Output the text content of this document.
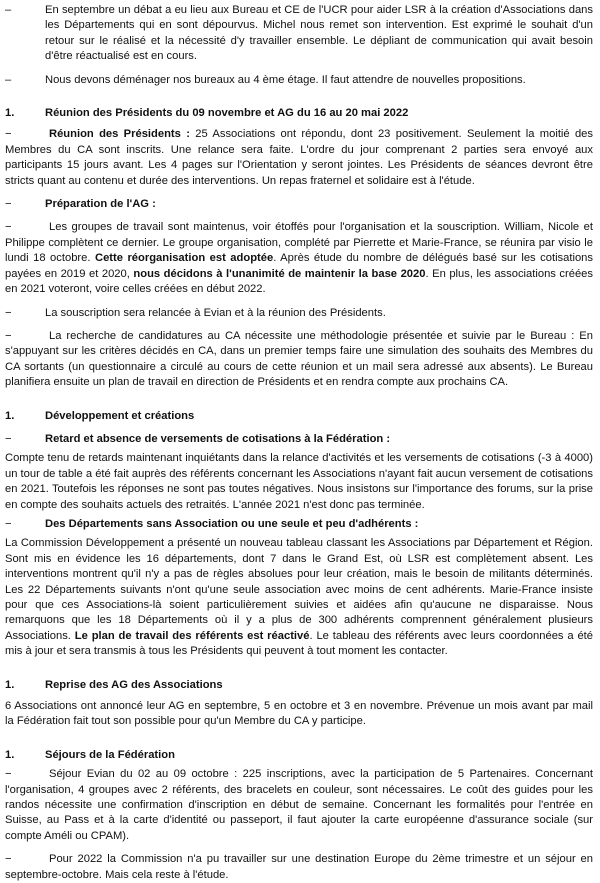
–	En septembre un débat a eu lieu aux Bureau et CE de l'UCR pour aider LSR à la création d'Associations dans les Départements qui en sont dépourvus. Michel nous remet son intervention. Est exprimé le souhait d'un retour sur le réalisé et la nécessité d'y travailler ensemble. Le dépliant de communication qui avait besoin d'être réactualisé est en cours.
–	Nous devons déménager nos bureaux au 4 ème étage. Il faut attendre de nouvelles propositions.
1.	Réunion des Présidents du 09 novembre et AG du 16 au 20 mai 2022
−	Réunion des Présidents : 25 Associations ont répondu, dont 23 positivement. Seulement la moitié des Membres du CA sont inscrits. Une relance sera faite. L'ordre du jour comprenant 2 parties sera envoyé aux participants 15 jours avant. Les 4 pages sur l'Orientation y seront jointes. Les Présidents de séances devront être stricts quant au contenu et durée des interventions. Un repas fraternel et solidaire est à l'étude.
−	Préparation de l'AG :
−	Les groupes de travail sont maintenus, voir étoffés pour l'organisation et la souscription. William, Nicole et Philippe complètent ce dernier. Le groupe organisation, complété par Pierrette et Marie-France, se réunira par visio le lundi 18 octobre. Cette réorganisation est adoptée. Après étude du nombre de délégués basé sur les cotisations payées en 2019 et 2020, nous décidons à l'unanimité de maintenir la base 2020. En plus, les associations créées en 2021 voteront, voire celles créées en début 2022.
−	La souscription sera relancée à Evian et à la réunion des Présidents.
−	La recherche de candidatures au CA nécessite une méthodologie présentée et suivie par le Bureau : En s'appuyant sur les critères décidés en CA, dans un premier temps faire une simulation des souhaits des Membres du CA sortants (un questionnaire a circulé au cours de cette réunion et un mail sera adressé aux absents). Le Bureau planifiera ensuite un plan de travail en direction de Présidents et en rendra compte aux prochains CA.
1.	Développement et créations
−	Retard et absence de versements de cotisations à la Fédération :
Compte tenu de retards maintenant inquiétants dans la relance d'activités et les versements de cotisations (-3 à 4000) un tour de table a été fait auprès des référents concernant les Associations n'ayant fait aucun versement de cotisations en 2021. Toutefois les réponses ne sont pas toutes négatives. Nous insistons sur l'importance des forums, sur la prise en compte des souhaits actuels des retraités. L'année 2021 n'est donc pas terminée.
−	Des Départements sans Association ou une seule et peu d'adhérents :
La Commission Développement a présenté un nouveau tableau classant les Associations par Département et Région. Sont mis en évidence les 16 départements, dont 7 dans le Grand Est, où LSR est complètement absent. Les interventions montrent qu'il n'y a pas de règles absolues pour leur création, mais le besoin de militants déterminés. Les 22 Départements suivants n'ont qu'une seule association avec moins de cent adhérents. Marie-France insiste pour que ces Associations-là soient particulièrement suivies et aidées afin qu'aucune ne disparaisse. Nous remarquons que les 18 Départements où il y a plus de 300 adhérents comprennent généralement plusieurs Associations. Le plan de travail des référents est réactivé. Le tableau des référents avec leurs coordonnées a été mis à jour et sera transmis à tous les Présidents qui peuvent à tout moment les contacter.
1.	Reprise des AG des Associations
6 Associations ont annoncé leur AG en septembre, 5 en octobre et 3 en novembre. Prévenue un mois avant par mail la Fédération fait tout son possible pour qu'un Membre du CA y participe.
1.	Séjours de la Fédération
−	Séjour Evian du 02 au 09 octobre : 225 inscriptions, avec la participation de 5 Partenaires. Concernant l'organisation, 4 groupes avec 2 référents, des bracelets en couleur, sont nécessaires. Le coût des guides pour les randos nécessite une confirmation d'inscription en début de semaine. Concernant les formalités pour l'entrée en Suisse, au Pass et à la carte d'identité ou passeport, il faut ajouter la carte européenne d'assurance sociale (sur compte Améli ou CPAM).
−	Pour 2022 la Commission n'a pu travailler sur une destination Europe du 2ème trimestre et un séjour en septembre-octobre. Mais cela reste à l'étude.
